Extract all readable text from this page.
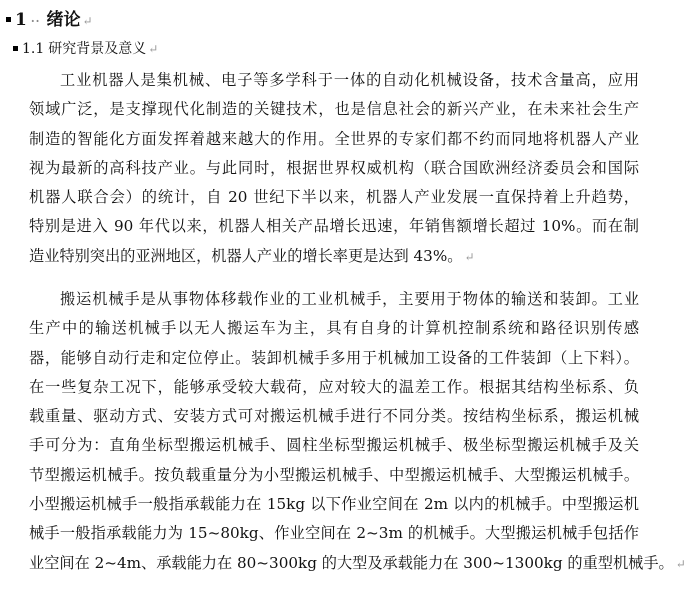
1 ·· 绪论 ↵
1.1 研究背景及意义 ↵
工业机器人是集机械、电子等多学科于一体的自动化机械设备，技术含量高，应用
领域广泛，是支撑现代化制造的关键技术，也是信息社会的新兴产业，在未来社会生产
制造的智能化方面发挥着越来越大的作用。全世界的专家们都不约而同地将机器人产业
视为最新的高科技产业。与此同时，根据世界权威机构（联合国欧洲经济委员会和国际
机器人联合会）的统计，自 20 世纪下半以来，机器人产业发展一直保持着上升趋势，
特别是进入 90 年代以来，机器人相关产品增长迅速，年销售额增长超过 10%。而在制
造业特别突出的亚洲地区，机器人产业的增长率更是达到 43%。 ↵
搬运机械手是从事物体移载作业的工业机械手，主要用于物体的输送和装卸。工业
生产中的输送机械手以无人搬运车为主，具有自身的计算机控制系统和路径识别传感
器，能够自动行走和定位停止。装卸机械手多用于机械加工设备的工件装卸（上下料）。
在一些复杂工况下，能够承受较大载荷，应对较大的温差工作。根据其结构坐标系、负
载重量、驱动方式、安装方式可对搬运机械手进行不同分类。按结构坐标系，搬运机械
手可分为：直角坐标型搬运机械手、圆柱坐标型搬运机械手、极坐标型搬运机械手及关
节型搬运机械手。按负载重量分为小型搬运机械手、中型搬运机械手、大型搬运机械手。
小型搬运机械手一般指承载能力在 15kg 以下作业空间在 2m 以内的机械手。中型搬运机
械手一般指承载能力为 15~80kg、作业空间在 2~3m 的机械手。大型搬运机械手包括作
业空间在 2~4m、承载能力在 80~300kg 的大型及承载能力在 300~1300kg 的重型机械手。 ↵
